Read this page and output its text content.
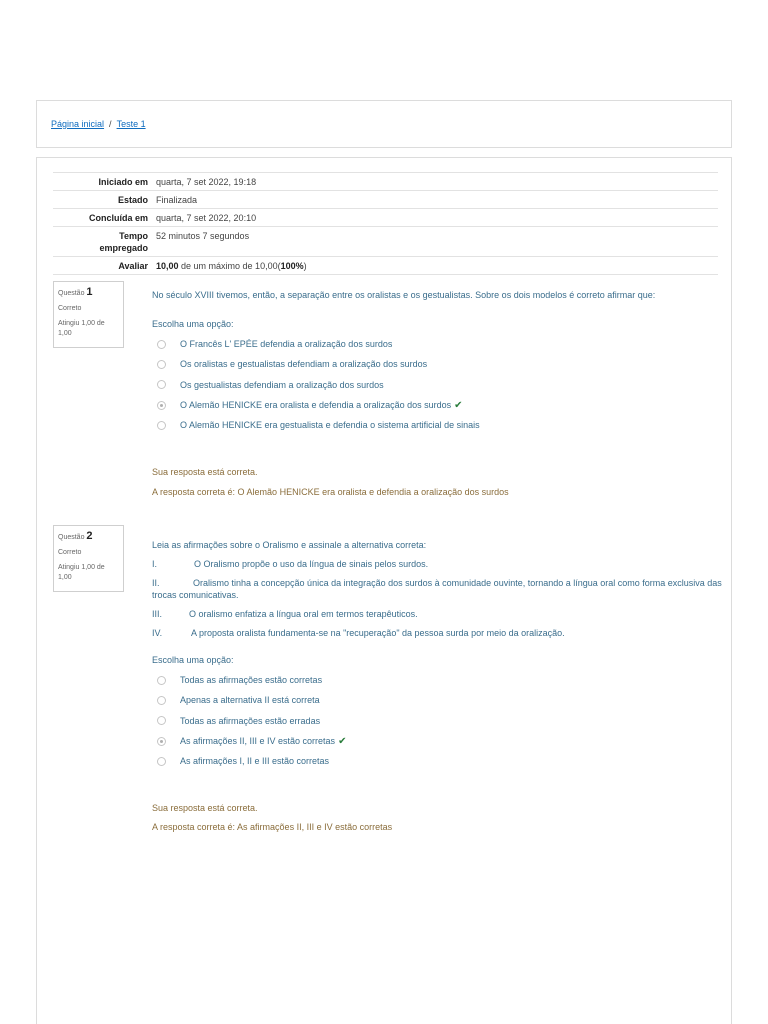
Página inicial / Teste 1
Iniciado em	quarta, 7 set 2022, 19:18
Estado	Finalizada
Concluída em	quarta, 7 set 2022, 20:10
Tempo
empregado	52 minutos 7 segundos
Avaliar	10,00 de um máximo de 10,00(100%)
Questão 1
Correto
Atingiu 1,00 de 1,00
No século XVIII tivemos, então, a separação entre os oralistas e os gestualistas. Sobre os dois modelos é correto afirmar que:
Escolha uma opção:
O Francês L' EPÉE defendia a oralização dos surdos
Os oralistas e gestualistas defendiam a oralização dos surdos
Os gestualistas defendiam a oralização dos surdos
O Alemão HENICKE era oralista e defendia a oralização dos surdos ✔
O Alemão HENICKE era gestualista e defendia o sistema artificial de sinais
Sua resposta está correta.
A resposta correta é: O Alemão HENICKE era oralista e defendia a oralização dos surdos
Questão 2
Correto
Atingiu 1,00 de 1,00
Leia as afirmações sobre o Oralismo e assinale a alternativa correta:
I.	O Oralismo propõe o uso da língua de sinais pelos surdos.
II.	Oralismo tinha a concepção única da integração dos surdos à comunidade ouvinte, tornando a língua oral como forma exclusiva das trocas comunicativas.
III.	O oralismo enfatiza a língua oral em termos terapêuticos.
IV.	A proposta oralista fundamenta-se na "recuperação" da pessoa surda por meio da oralização.
Escolha uma opção:
Todas as afirmações estão corretas
Apenas a alternativa II está correta
Todas as afirmações estão erradas
As afirmações II, III e IV estão corretas ✔
As afirmações I, II e III estão corretas
Sua resposta está correta.
A resposta correta é: As afirmações II, III e IV estão corretas
